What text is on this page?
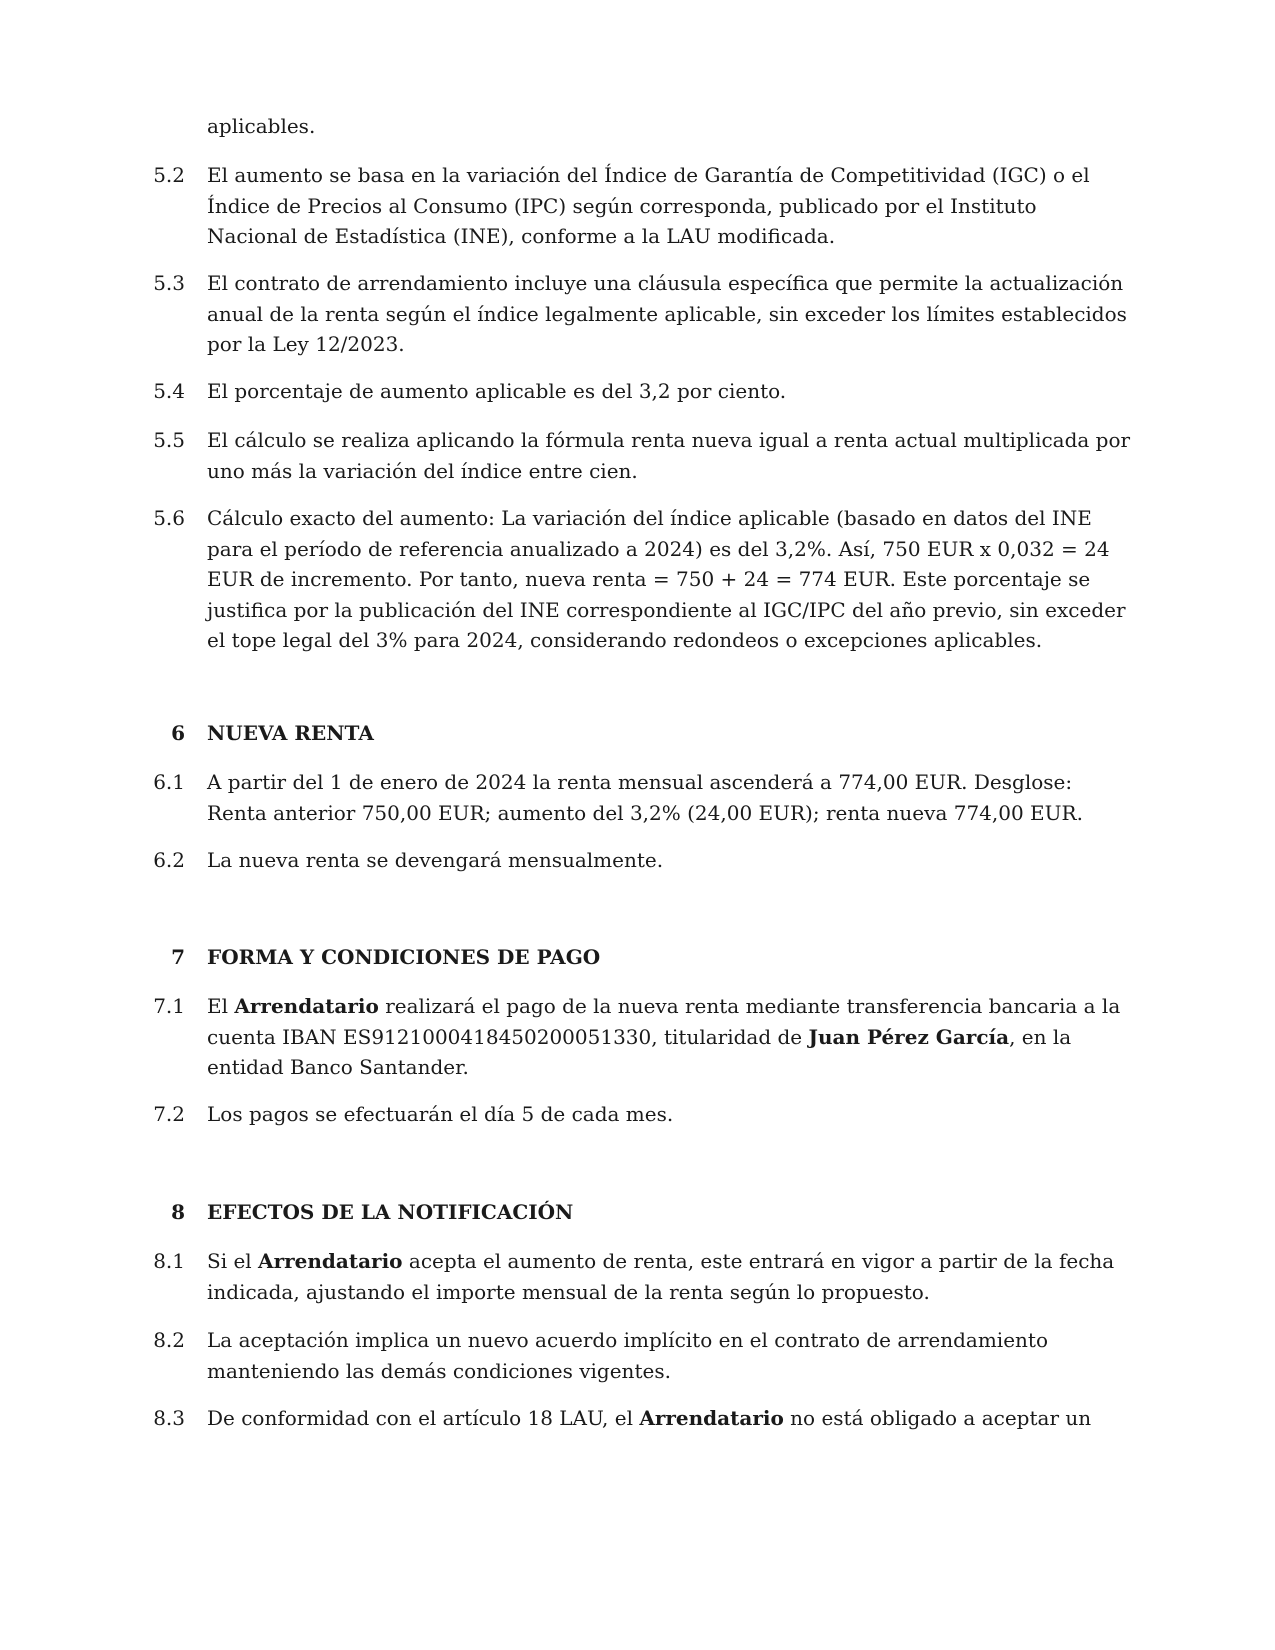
aplicables.
5.2 El aumento se basa en la variación del Índice de Garantía de Competitividad (IGC) o el Índice de Precios al Consumo (IPC) según corresponda, publicado por el Instituto Nacional de Estadística (INE), conforme a la LAU modificada.
5.3 El contrato de arrendamiento incluye una cláusula específica que permite la actualización anual de la renta según el índice legalmente aplicable, sin exceder los límites establecidos por la Ley 12/2023.
5.4 El porcentaje de aumento aplicable es del 3,2 por ciento.
5.5 El cálculo se realiza aplicando la fórmula renta nueva igual a renta actual multiplicada por uno más la variación del índice entre cien.
5.6 Cálculo exacto del aumento: La variación del índice aplicable (basado en datos del INE para el período de referencia anualizado a 2024) es del 3,2%. Así, 750 EUR x 0,032 = 24 EUR de incremento. Por tanto, nueva renta = 750 + 24 = 774 EUR. Este porcentaje se justifica por la publicación del INE correspondiente al IGC/IPC del año previo, sin exceder el tope legal del 3% para 2024, considerando redondeos o excepciones aplicables.
6 NUEVA RENTA
6.1 A partir del 1 de enero de 2024 la renta mensual ascenderá a 774,00 EUR. Desglose: Renta anterior 750,00 EUR; aumento del 3,2% (24,00 EUR); renta nueva 774,00 EUR.
6.2 La nueva renta se devengará mensualmente.
7 FORMA Y CONDICIONES DE PAGO
7.1 El Arrendatario realizará el pago de la nueva renta mediante transferencia bancaria a la cuenta IBAN ES9121000418450200051330, titularidad de Juan Pérez García, en la entidad Banco Santander.
7.2 Los pagos se efectuarán el día 5 de cada mes.
8 EFECTOS DE LA NOTIFICACIÓN
8.1 Si el Arrendatario acepta el aumento de renta, este entrará en vigor a partir de la fecha indicada, ajustando el importe mensual de la renta según lo propuesto.
8.2 La aceptación implica un nuevo acuerdo implícito en el contrato de arrendamiento manteniendo las demás condiciones vigentes.
8.3 De conformidad con el artículo 18 LAU, el Arrendatario no está obligado a aceptar un
